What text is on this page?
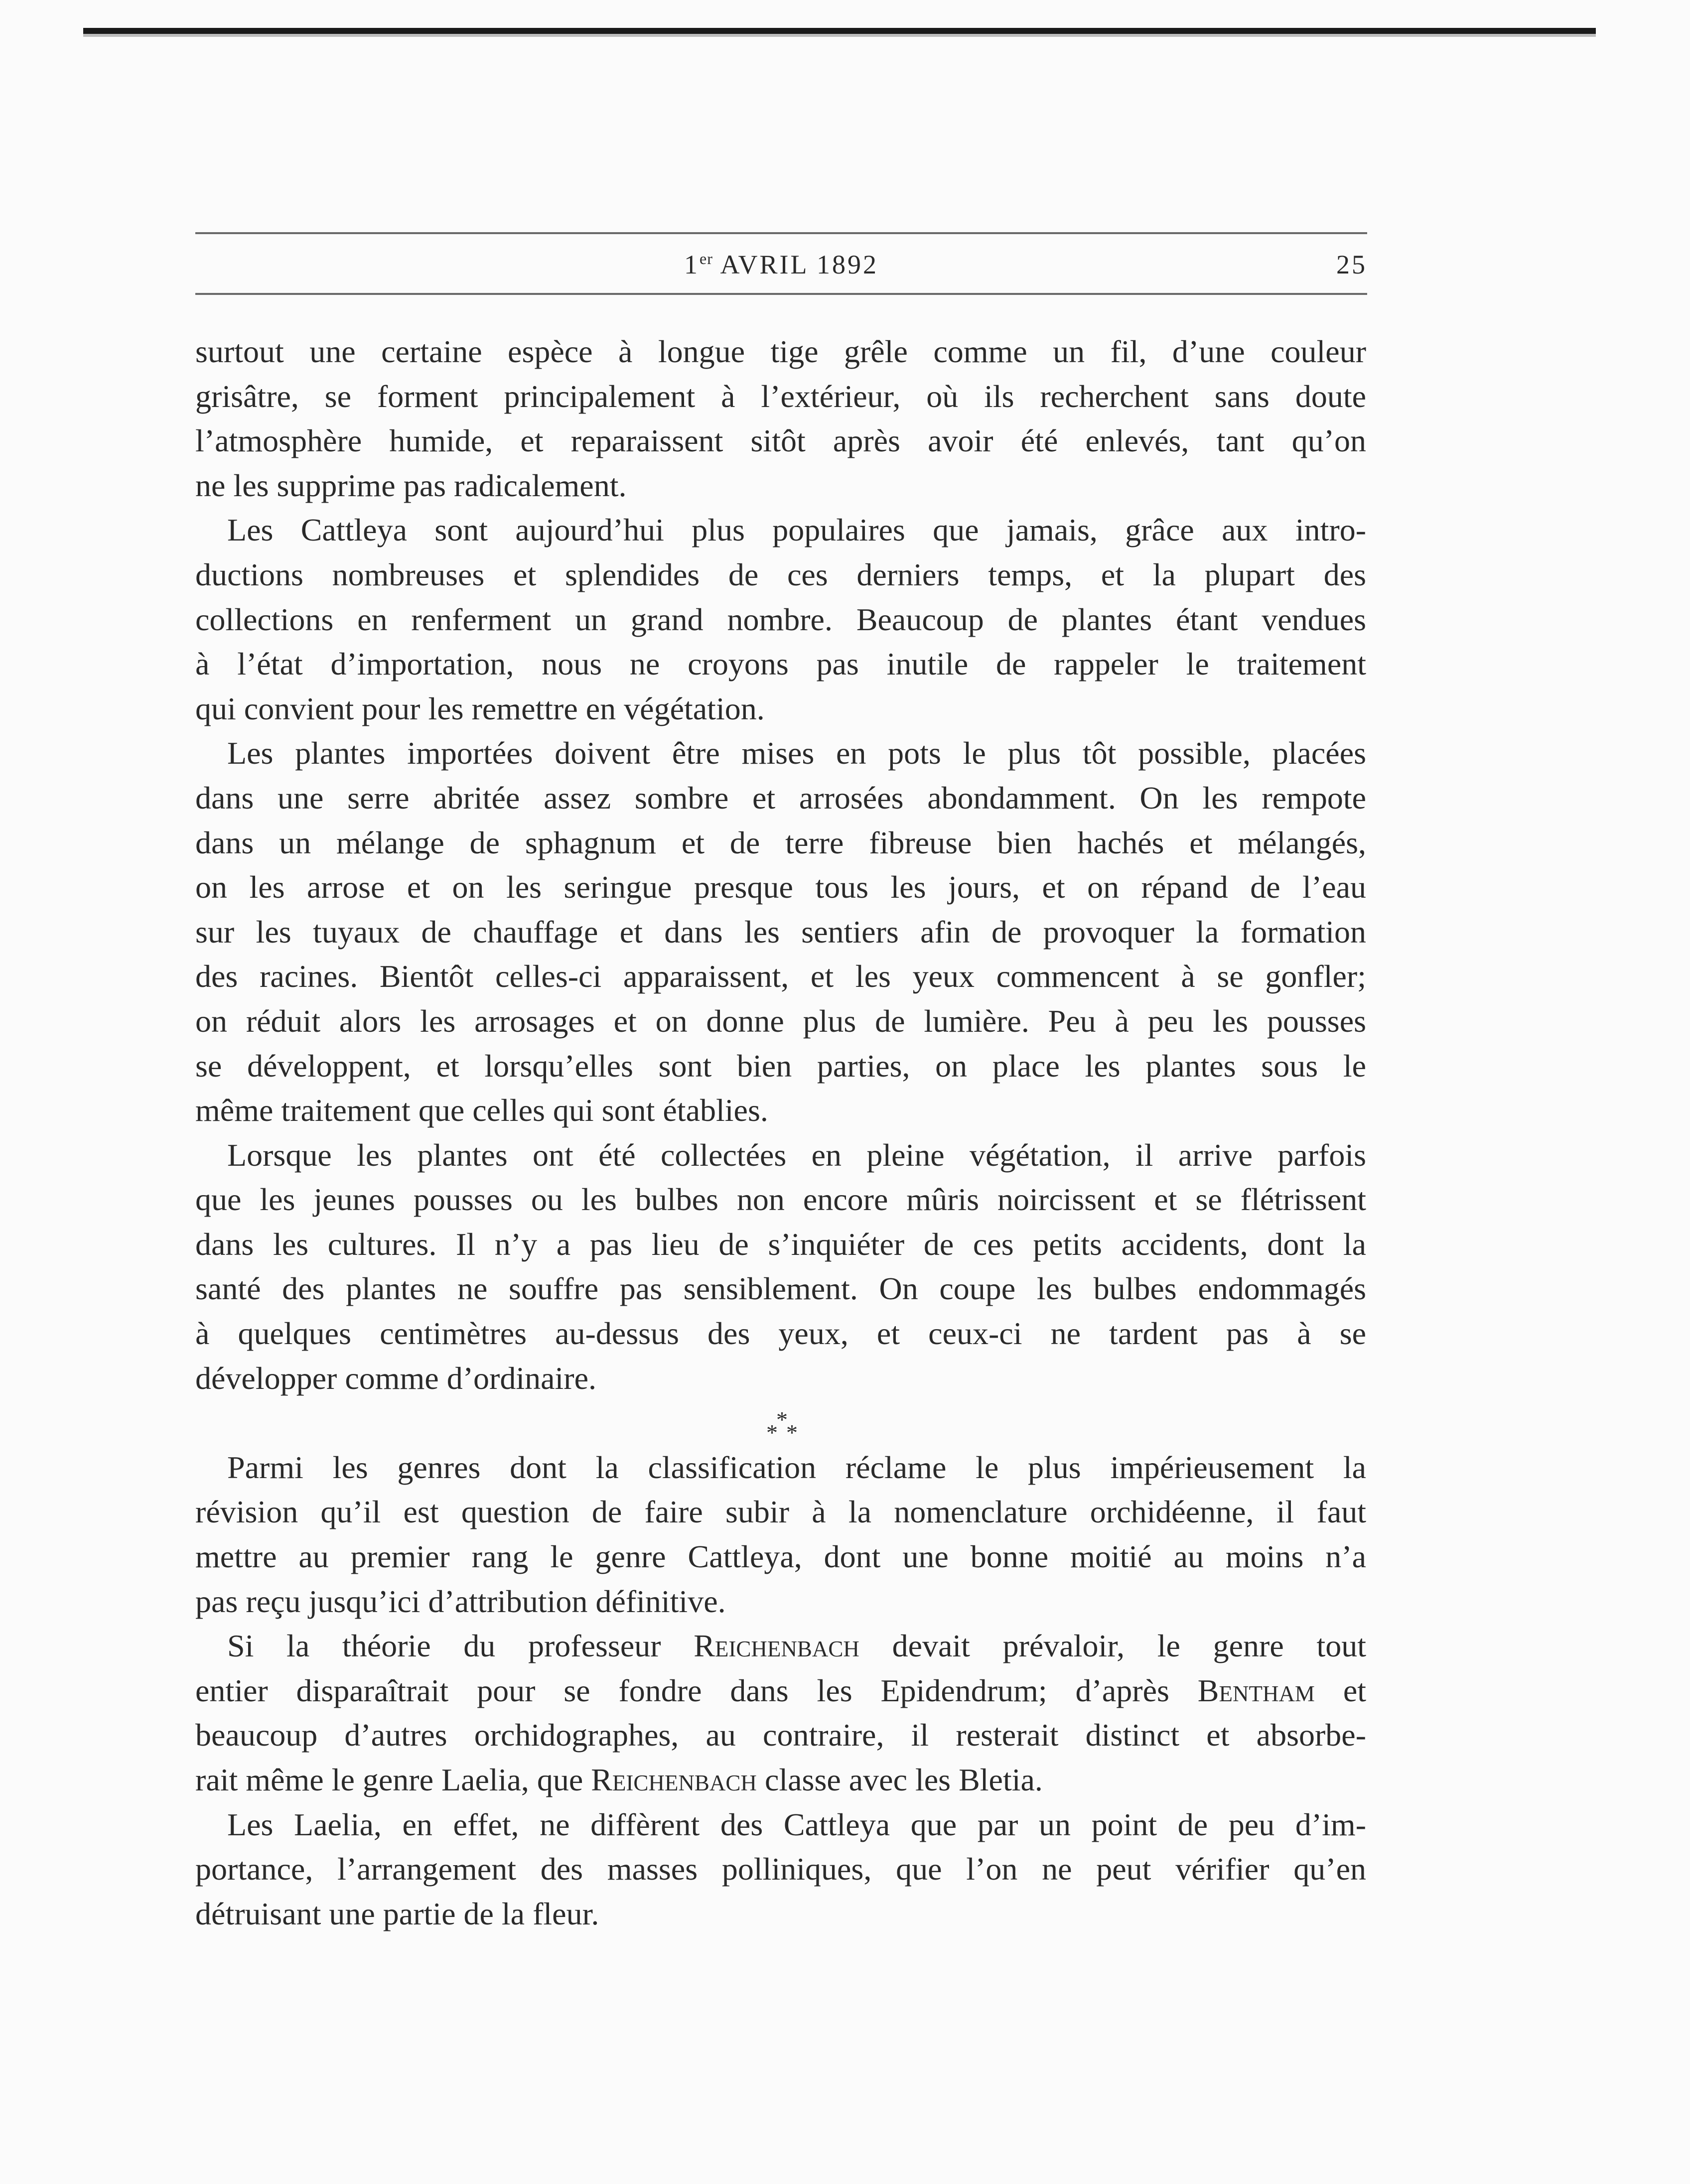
1er AVRIL 1892	25
surtout une certaine espèce à longue tige grêle comme un fil, d’une couleur
grisâtre, se forment principalement à l’extérieur, où ils recherchent sans doute
l’atmosphère humide, et reparaissent sitôt après avoir été enlevés, tant qu’on
ne les supprime pas radicalement.
Les Cattleya sont aujourd’hui plus populaires que jamais, grâce aux intro-
ductions nombreuses et splendides de ces derniers temps, et la plupart des
collections en renferment un grand nombre. Beaucoup de plantes étant vendues
à l’état d’importation, nous ne croyons pas inutile de rappeler le traitement
qui convient pour les remettre en végétation.
Les plantes importées doivent être mises en pots le plus tôt possible, placées
dans une serre abritée assez sombre et arrosées abondamment. On les rempote
dans un mélange de sphagnum et de terre fibreuse bien hachés et mélangés,
on les arrose et on les seringue presque tous les jours, et on répand de l’eau
sur les tuyaux de chauffage et dans les sentiers afin de provoquer la formation
des racines. Bientôt celles-ci apparaissent, et les yeux commencent à se gonfler;
on réduit alors les arrosages et on donne plus de lumière. Peu à peu les pousses
se développent, et lorsqu’elles sont bien parties, on place les plantes sous le
même traitement que celles qui sont établies.
Lorsque les plantes ont été collectées en pleine végétation, il arrive parfois
que les jeunes pousses ou les bulbes non encore mûris noircissent et se flétrissent
dans les cultures. Il n’y a pas lieu de s’inquiéter de ces petits accidents, dont la
santé des plantes ne souffre pas sensiblement. On coupe les bulbes endommagés
à quelques centimètres au-dessus des yeux, et ceux-ci ne tardent pas à se
développer comme d’ordinaire.
*
* *
Parmi les genres dont la classification réclame le plus impérieusement la
révision qu’il est question de faire subir à la nomenclature orchidéenne, il faut
mettre au premier rang le genre Cattleya, dont une bonne moitié au moins n’a
pas reçu jusqu’ici d’attribution définitive.
Si la théorie du professeur Reichenbach devait prévaloir, le genre tout
entier disparaîtrait pour se fondre dans les Epidendrum; d’après Bentham et
beaucoup d’autres orchidographes, au contraire, il resterait distinct et absorbe-
rait même le genre Laelia, que Reichenbach classe avec les Bletia.
Les Laelia, en effet, ne diffèrent des Cattleya que par un point de peu d’im-
portance, l’arrangement des masses polliniques, que l’on ne peut vérifier qu’en
détruisant une partie de la fleur.
